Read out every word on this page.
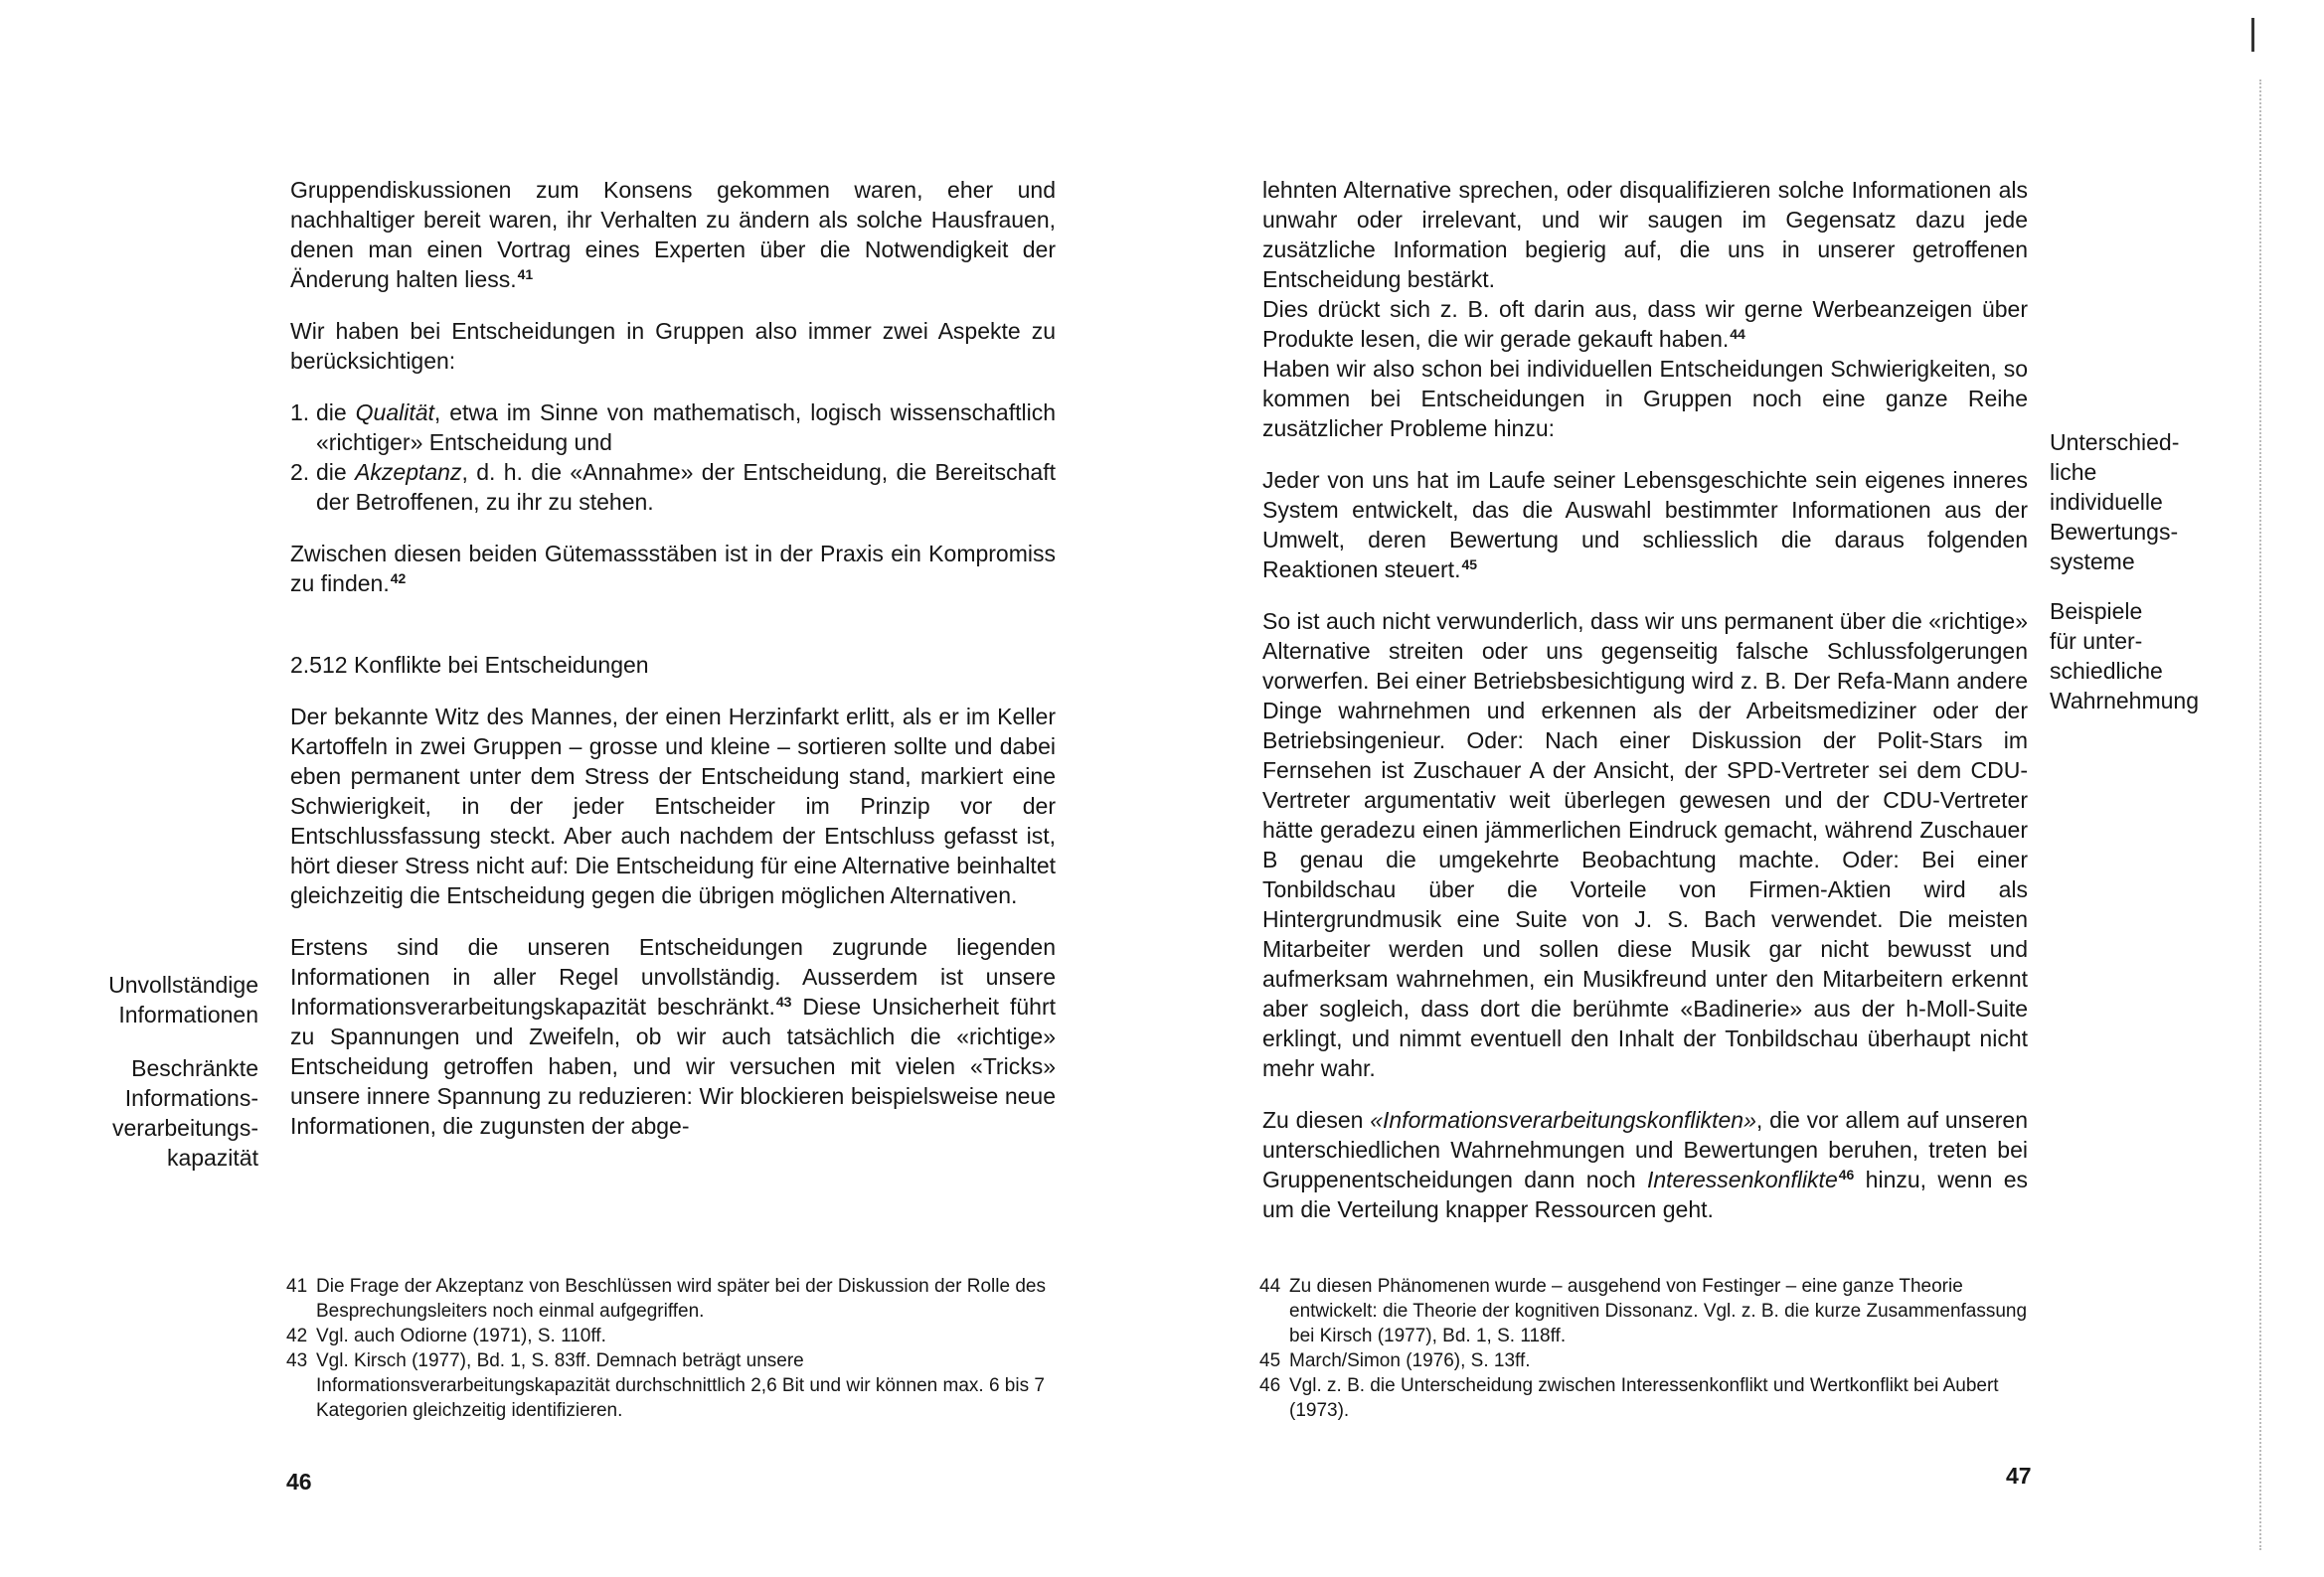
Gruppendiskussionen zum Konsens gekommen waren, eher und nachhaltiger bereit waren, ihr Verhalten zu ändern als solche Hausfrauen, denen man einen Vortrag eines Experten über die Notwendigkeit der Änderung halten liess.$^{41}$

Wir haben bei Entscheidungen in Gruppen also immer zwei Aspekte zu berücksichtigen:

1. die Qualität, etwa im Sinne von mathematisch, logisch wissenschaftlich «richtiger» Entscheidung und
2. die Akzeptanz, d. h. die «Annahme» der Entscheidung, die Bereitschaft der Betroffenen, zu ihr zu stehen.

Zwischen diesen beiden Gütemassstäben ist in der Praxis ein Kompromiss zu finden.$^{42}$

2.512 Konflikte bei Entscheidungen

Der bekannte Witz des Mannes, der einen Herzinfarkt erlitt, als er im Keller Kartoffeln in zwei Gruppen – grosse und kleine – sortieren sollte und dabei eben permanent unter dem Stress der Entscheidung stand, markiert eine Schwierigkeit, in der jeder Entscheider im Prinzip vor der Entschlussfassung steckt. Aber auch nachdem der Entschluss gefasst ist, hört dieser Stress nicht auf: Die Entscheidung für eine Alternative beinhaltet gleichzeitig die Entscheidung gegen die übrigen möglichen Alternativen.

Erstens sind die unseren Entscheidungen zugrunde liegenden Informationen in aller Regel unvollständig. Ausserdem ist unsere Informationsverarbeitungskapazität beschränkt.$^{43}$ Diese Unsicherheit führt zu Spannungen und Zweifeln, ob wir auch tatsächlich die «richtige» Entscheidung getroffen haben, und wir versuchen mit vielen «Tricks» unsere innere Spannung zu reduzieren: Wir blockieren beispielsweise neue Informationen, die zugunsten der abge-

Unvollständige
Informationen
Beschränkte
Informations-
verarbeitungs-
kapazität
41 Die Frage der Akzeptanz von Beschlüssen wird später bei der Diskussion der Rolle des Besprechungsleiters noch einmal aufgegriffen.
42 Vgl. auch Odiorne (1971), S. 110ff.
43 Vgl. Kirsch (1977), Bd. 1, S. 83ff. Demnach beträgt unsere Informationsverarbeitungskapazität durchschnittlich 2,6 Bit und wir können max. 6 bis 7 Kategorien gleichzeitig identifizieren.
46

lehnten Alternative sprechen, oder disqualifizieren solche Informationen als unwahr oder irrelevant, und wir saugen im Gegensatz dazu jede zusätzliche Information begierig auf, die uns in unserer getroffenen Entscheidung bestärkt.
Dies drückt sich z. B. oft darin aus, dass wir gerne Werbeanzeigen über Produkte lesen, die wir gerade gekauft haben.$^{44}$
Haben wir also schon bei individuellen Entscheidungen Schwierigkeiten, so kommen bei Entscheidungen in Gruppen noch eine ganze Reihe zusätzlicher Probleme hinzu:

Jeder von uns hat im Laufe seiner Lebensgeschichte sein eigenes inneres System entwickelt, das die Auswahl bestimmter Informationen aus der Umwelt, deren Bewertung und schliesslich die daraus folgenden Reaktionen steuert.$^{45}$

So ist auch nicht verwunderlich, dass wir uns permanent über die «richtige» Alternative streiten oder uns gegenseitig falsche Schlussfolgerungen vorwerfen. Bei einer Betriebsbesichtigung wird z. B. Der Refa-Mann andere Dinge wahrnehmen und erkennen als der Arbeitsmediziner oder der Betriebsingenieur. Oder: Nach einer Diskussion der Polit-Stars im Fernsehen ist Zuschauer A der Ansicht, der SPD-Vertreter sei dem CDU-Vertreter argumentativ weit überlegen gewesen und der CDU-Vertreter hätte geradezu einen jämmerlichen Eindruck gemacht, während Zuschauer B genau die umgekehrte Beobachtung machte. Oder: Bei einer Tonbildschau über die Vorteile von Firmen-Aktien wird als Hintergrundmusik eine Suite von J. S. Bach verwendet. Die meisten Mitarbeiter werden und sollen diese Musik gar nicht bewusst und aufmerksam wahrnehmen, ein Musikfreund unter den Mitarbeitern erkennt aber sogleich, dass dort die berühmte «Badinerie» aus der h-Moll-Suite erklingt, und nimmt eventuell den Inhalt der Tonbildschau überhaupt nicht mehr wahr.

Zu diesen «Informationsverarbeitungskonflikten», die vor allem auf unseren unterschiedlichen Wahrnehmungen und Bewertungen beruhen, treten bei Gruppenentscheidungen dann noch Interessenkonflikte$^{46}$ hinzu, wenn es um die Verteilung knapper Ressourcen geht.

Unterschied-
liche
individuelle
Bewertungs-
systeme
Beispiele
für unter-
schiedliche
Wahrnehmung
44 Zu diesen Phänomenen wurde – ausgehend von Festinger – eine ganze Theorie entwickelt: die Theorie der kognitiven Dissonanz. Vgl. z. B. die kurze Zusammenfassung bei Kirsch (1977), Bd. 1, S. 118ff.
45 March/Simon (1976), S. 13ff.
46 Vgl. z. B. die Unterscheidung zwischen Interessenkonflikt und Wertkonflikt bei Aubert (1973).
47
